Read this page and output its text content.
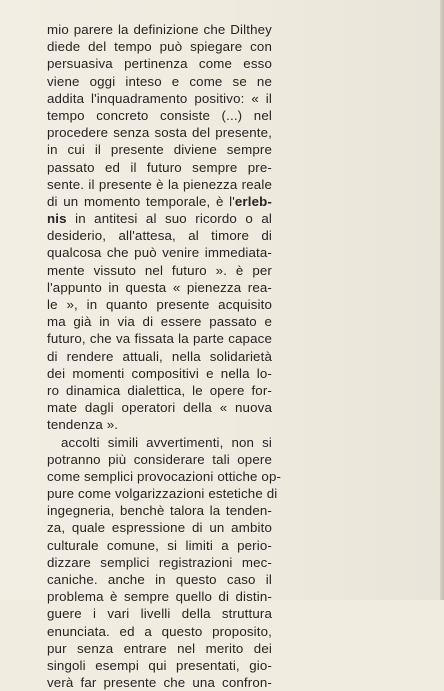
mio parere la definizione che Dilthey
diede del tempo può spiegare con
persuasiva pertinenza come esso
viene oggi inteso e come se ne
addita l'inquadramento positivo: « il
tempo concreto consiste (...) nel
procedere senza sosta del presente,
in cui il presente diviene sempre
passato ed il futuro sempre pre-
sente. il presente è la pienezza reale
di un momento temporale, è l'erleb-
nis in antitesi al suo ricordo o al
desiderio, all'attesa, al timore di
qualcosa che può venire immediata-
mente vissuto nel futuro ». è per
l'appunto in questa « pienezza rea-
le », in quanto presente acquisito
ma già in via di essere passato e
futuro, che va fissata la parte capace
di rendere attuali, nella solidarietà
dei momenti compositivi e nella lo-
ro dinamica dialettica, le opere for-
mate dagli operatori della « nuova
tendenza ».
accolti simili avvertimenti, non si
potranno più considerare tali opere
come semplici provocazioni ottiche op-
pure come volgarizzazioni estetiche di
ingegneria, benchè talora la tenden-
za, quale espressione di un ambito
culturale comune, si limiti a perio-
dizzare semplici registrazioni mec-
caniche. anche in questo caso il
problema è sempre quello di distin-
guere i vari livelli della struttura
enunciata. ed a questo proposito,
pur senza entrare nel merito dei
singoli esempi qui presentati, gio-
verà far presente che una confron-
